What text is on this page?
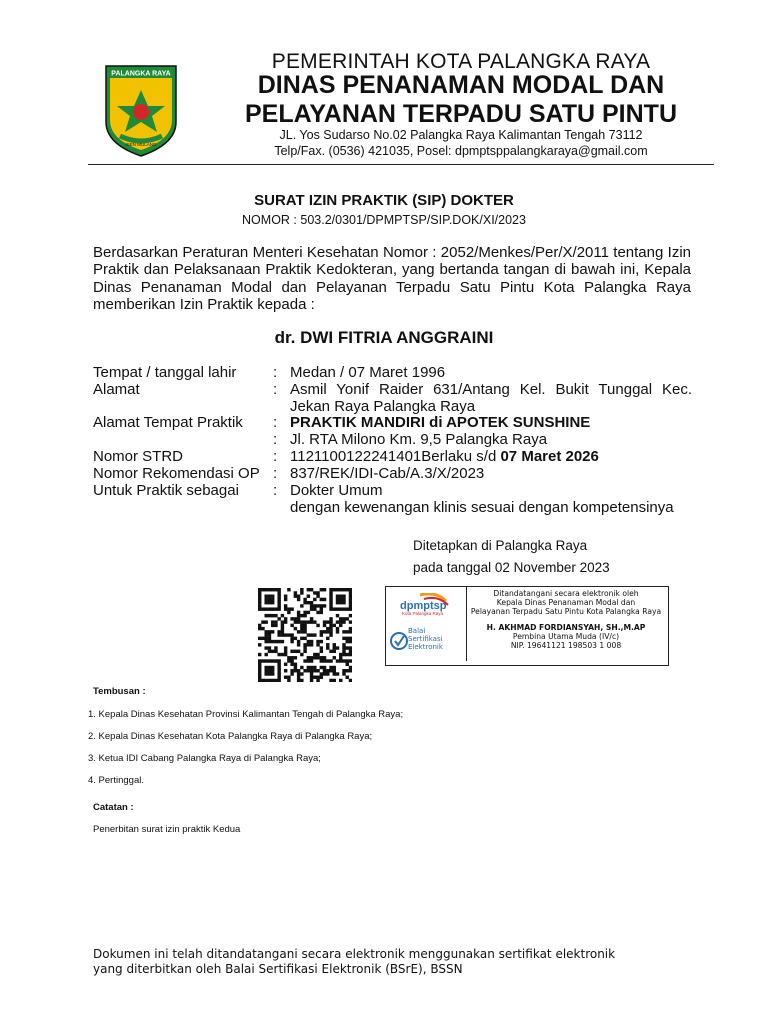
PALANGKA RAYA
ISEN MULANG
PEMERINTAH KOTA PALANGKA RAYA
DINAS PENANAMAN MODAL DAN
PELAYANAN TERPADU SATU PINTU
JL. Yos Sudarso No.02 Palangka Raya Kalimantan Tengah 73112
Telp/Fax. (0536) 421035, Posel: dpmptsppalangkaraya@gmail.com
SURAT IZIN PRAKTIK (SIP) DOKTER
NOMOR : 503.2/0301/DPMPTSP/SIP.DOK/XI/2023
Berdasarkan Peraturan Menteri Kesehatan Nomor : 2052/Menkes/Per/X/2011 tentang Izin Praktik dan Pelaksanaan Praktik Kedokteran, yang bertanda tangan di bawah ini, Kepala Dinas Penanaman Modal dan Pelayanan Terpadu Satu Pintu Kota Palangka Raya memberikan Izin Praktik kepada :
dr. DWI FITRIA ANGGRAINI
Tempat / tanggal lahir	: Medan / 07 Maret 1996
Alamat	: Asmil Yonif Raider 631/Antang Kel. Bukit Tunggal Kec. Jekan Raya Palangka Raya
Alamat Tempat Praktik	: PRAKTIK MANDIRI di APOTEK SUNSHINE
: Jl. RTA Milono Km. 9,5 Palangka Raya
Nomor STRD	: 1121100122241401Berlaku s/d 07 Maret 2026
Nomor Rekomendasi OP : 837/REK/IDI-Cab/A.3/X/2023
Untuk Praktik sebagai	: Dokter Umum
dengan kewenangan klinis sesuai dengan kompetensinya
Ditetapkan di Palangka Raya
pada tanggal 02 November 2023
dpmptsp
Kota Palangka Raya
Balai
Sertifikasi
Elektronik
Ditandatangani secara elektronik oleh
Kepala Dinas Penanaman Modal dan
Pelayanan Terpadu Satu Pintu Kota Palangka Raya
H. AKHMAD FORDIANSYAH, SH.,M.AP
Pembina Utama Muda (IV/c)
NIP. 19641121 198503 1 008
Tembusan :
1. Kepala Dinas Kesehatan Provinsi Kalimantan Tengah di Palangka Raya;
2. Kepala Dinas Kesehatan Kota Palangka Raya di Palangka Raya;
3. Ketua IDI Cabang Palangka Raya di Palangka Raya;
4. Pertinggal.
Catatan :
Penerbitan surat izin praktik Kedua
Dokumen ini telah ditandatangani secara elektronik menggunakan sertifikat elektronik
yang diterbitkan oleh Balai Sertifikasi Elektronik (BSrE), BSSN
